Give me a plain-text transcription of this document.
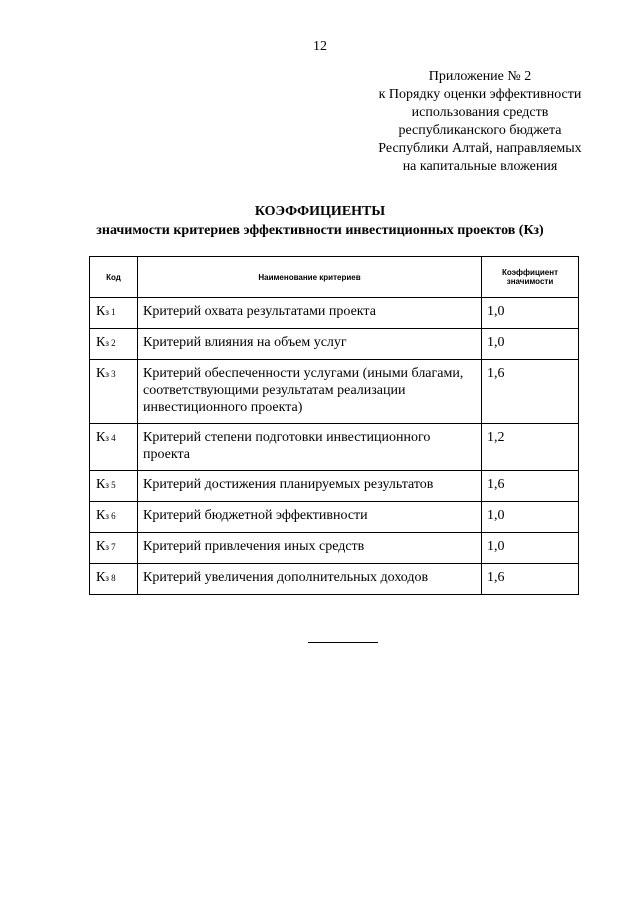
12
Приложение № 2
к Порядку оценки эффективности
использования средств
республиканского бюджета
Республики Алтай, направляемых
на капитальные вложения
КОЭФФИЦИЕНТЫ
значимости критериев эффективности инвестиционных проектов (Кз)
Код	Наименование критериев	Коэффициент значимости
Кз 1	Критерий охвата результатами проекта	1,0
Кз 2	Критерий влияния на объем услуг	1,0
Кз 3	Критерий обеспеченности услугами (иными благами, соответствующими результатам реализации инвестиционного проекта)	1,6
Кз 4	Критерий степени подготовки инвестиционного проекта	1,2
Кз 5	Критерий достижения планируемых результатов	1,6
Кз 6	Критерий бюджетной эффективности	1,0
Кз 7	Критерий привлечения иных средств	1,0
Кз 8	Критерий увеличения дополнительных доходов	1,6
